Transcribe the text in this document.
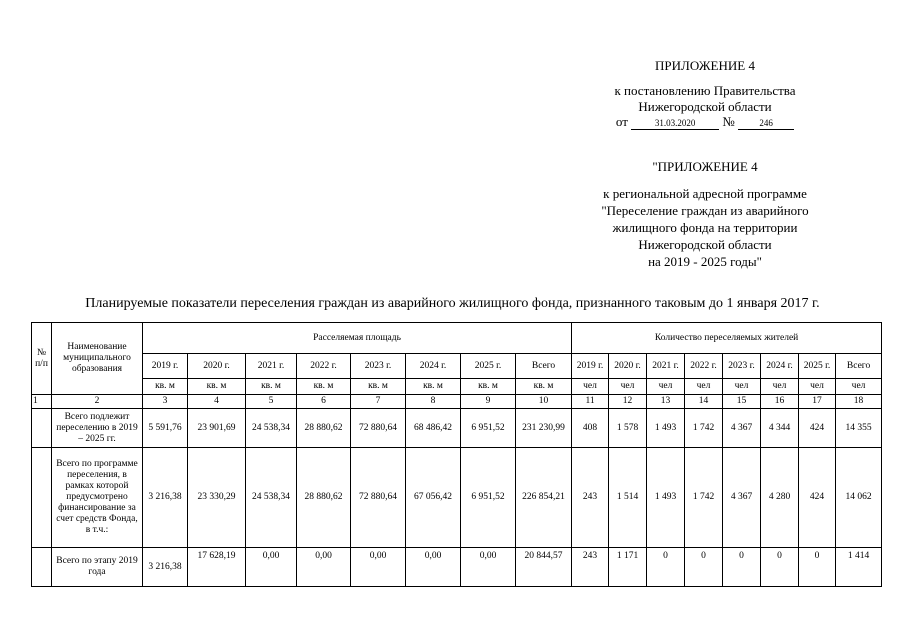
ПРИЛОЖЕНИЕ 4
к постановлению Правительства
Нижегородской области
от	31.03.2020 №	246
"ПРИЛОЖЕНИЕ 4
к региональной адресной программе
"Переселение граждан из аварийного
жилищного фонда на территории
Нижегородской области
на 2019 - 2025 годы"
Планируемые показатели переселения граждан из аварийного жилищного фонда, признанного таковым до 1 января 2017 г.
№ п/п	Наименование муниципального образования	Расселяемая площадь								Количество переселяемых жителей							
		2019 г.	2020 г.	2021 г.	2022 г.	2023 г.	2024 г.	2025 г.	Всего	2019 г.	2020 г.	2021 г.	2022 г.	2023 г.	2024 г.	2025 г.	Всего
		кв. м	кв. м	кв. м	кв. м	кв. м	кв. м	кв. м	кв. м	чел	чел	чел	чел	чел	чел	чел	чел
1	2	3	4	5	6	7	8	9	10	11	12	13	14	15	16	17	18
	Всего подлежит переселению в 2019 – 2025 гг.	5 591,76	23 901,69	24 538,34	28 880,62	72 880,64	68 486,42	6 951,52	231 230,99	408	1 578	1 493	1 742	4 367	4 344	424	14 355
	Всего по программе переселения, в рамках которой предусмотрено финансирование за счет средств Фонда, в т.ч.:	3 216,38	23 330,29	24 538,34	28 880,62	72 880,64	67 056,42	6 951,52	226 854,21	243	1 514	1 493	1 742	4 367	4 280	424	14 062
	Всего по этапу 2019 года	3 216,38	17 628,19	0,00	0,00	0,00	0,00	0,00	20 844,57	243	1 171	0	0	0	0	0	1 414
